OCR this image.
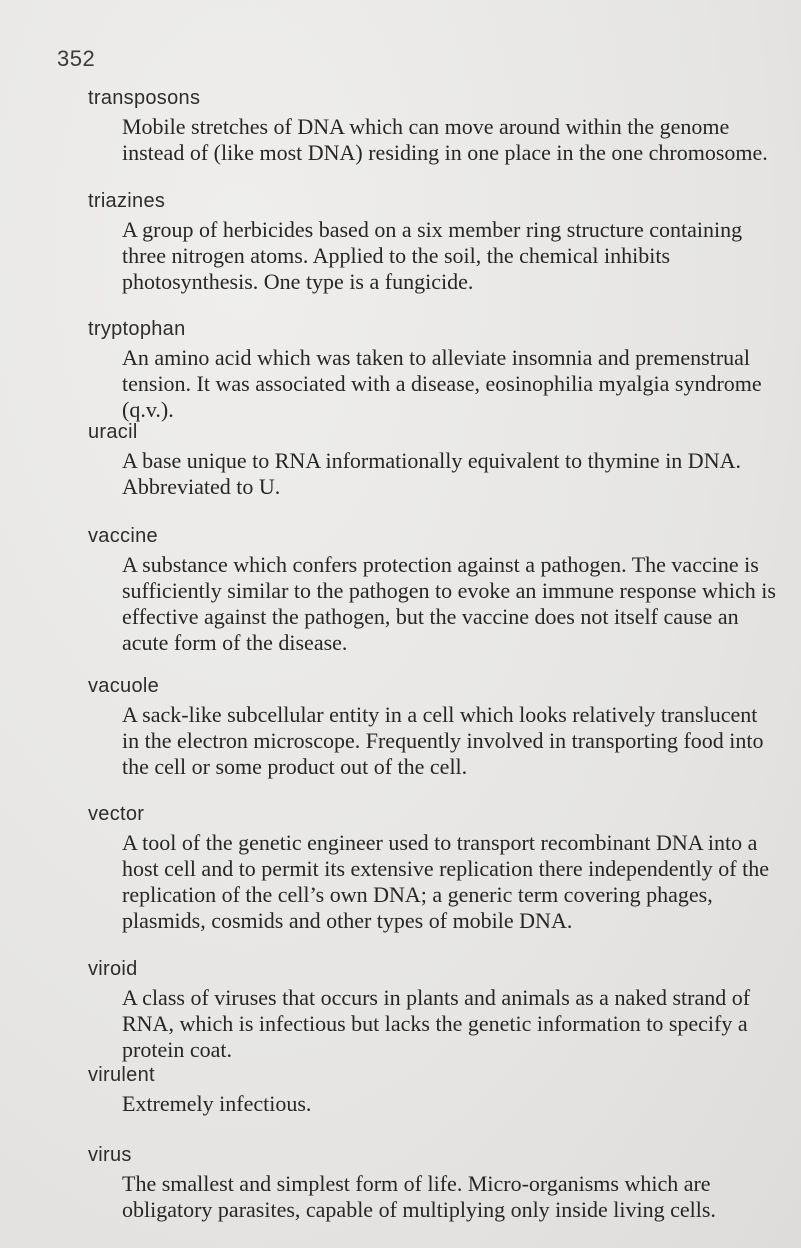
352
transposons
Mobile stretches of DNA which can move around within the genome instead of (like most DNA) residing in one place in the one chromosome.
triazines
A group of herbicides based on a six member ring structure containing three nitrogen atoms. Applied to the soil, the chemical inhibits photosynthesis. One type is a fungicide.
tryptophan
An amino acid which was taken to alleviate insomnia and premenstrual tension. It was associated with a disease, eosinophilia myalgia syndrome (q.v.).
uracil
A base unique to RNA informationally equivalent to thymine in DNA. Abbreviated to U.
vaccine
A substance which confers protection against a pathogen. The vaccine is sufficiently similar to the pathogen to evoke an immune response which is effective against the pathogen, but the vaccine does not itself cause an acute form of the disease.
vacuole
A sack-like subcellular entity in a cell which looks relatively translucent in the electron microscope. Frequently involved in transporting food into the cell or some product out of the cell.
vector
A tool of the genetic engineer used to transport recombinant DNA into a host cell and to permit its extensive replication there independently of the replication of the cell’s own DNA; a generic term covering phages, plasmids, cosmids and other types of mobile DNA.
viroid
A class of viruses that occurs in plants and animals as a naked strand of RNA, which is infectious but lacks the genetic information to specify a protein coat.
virulent
Extremely infectious.
virus
The smallest and simplest form of life. Micro-organisms which are obligatory parasites, capable of multiplying only inside living cells.
